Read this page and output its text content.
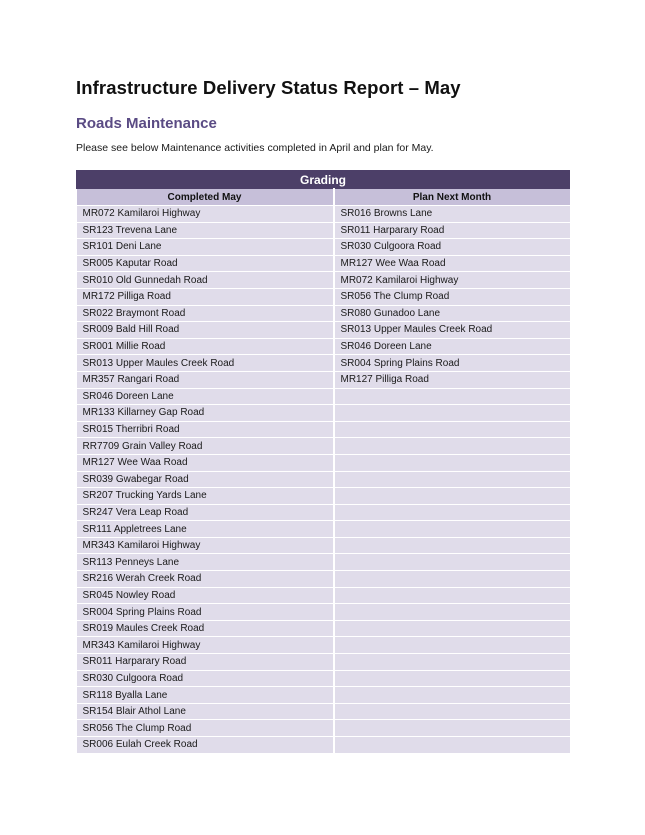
Infrastructure Delivery Status Report – May
Roads Maintenance

Please see below Maintenance activities completed in April and plan for May.

Grading	
Completed May	Plan Next Month
MR072 Kamilaroi Highway	SR016 Browns Lane
SR123 Trevena Lane	SR011 Harparary Road
SR101 Deni Lane	SR030 Culgoora Road
SR005 Kaputar Road	MR127 Wee Waa Road
SR010 Old Gunnedah Road	MR072 Kamilaroi Highway
MR172 Pilliga Road	SR056 The Clump Road
SR022 Braymont Road	SR080 Gunadoo Lane
SR009 Bald Hill Road	SR013 Upper Maules Creek Road
SR001 Millie Road	SR046 Doreen Lane
SR013 Upper Maules Creek Road	SR004 Spring Plains Road
MR357 Rangari Road	MR127 Pilliga Road
SR046 Doreen Lane	
MR133 Killarney Gap Road	
SR015 Therribri Road	
RR7709 Grain Valley Road	
MR127 Wee Waa Road	
SR039 Gwabegar Road	
SR207 Trucking Yards Lane	
SR247 Vera Leap Road	
SR111 Appletrees Lane	
MR343 Kamilaroi Highway	
SR113 Penneys Lane	
SR216 Werah Creek Road	
SR045 Nowley Road	
SR004 Spring Plains Road	
SR019 Maules Creek Road	
MR343 Kamilaroi Highway	
SR011 Harparary Road	
SR030 Culgoora Road	
SR118 Byalla Lane	
SR154 Blair Athol Lane	
SR056 The Clump Road	
SR006 Eulah Creek Road	
